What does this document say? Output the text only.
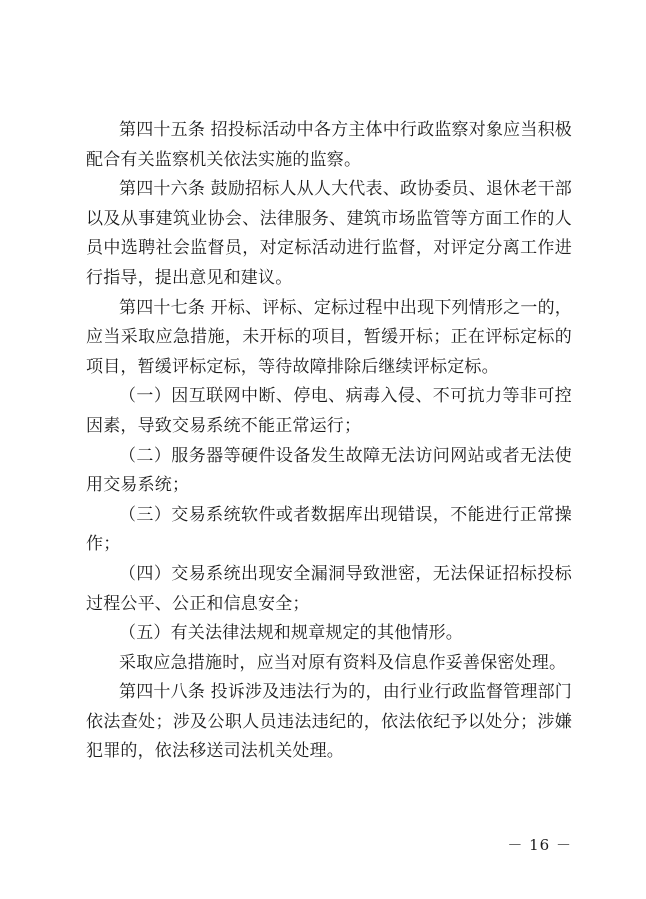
第四十五条 招投标活动中各方主体中行政监察对象应当积极配合有关监察机关依法实施的监察。

第四十六条 鼓励招标人从人大代表、政协委员、退休老干部以及从事建筑业协会、法律服务、建筑市场监管等方面工作的人员中选聘社会监督员，对定标活动进行监督，对评定分离工作进行指导，提出意见和建议。

第四十七条 开标、评标、定标过程中出现下列情形之一的，应当采取应急措施，未开标的项目，暂缓开标；正在评标定标的项目，暂缓评标定标，等待故障排除后继续评标定标。

（一）因互联网中断、停电、病毒入侵、不可抗力等非可控因素，导致交易系统不能正常运行；

（二）服务器等硬件设备发生故障无法访问网站或者无法使用交易系统；

（三）交易系统软件或者数据库出现错误，不能进行正常操作；

（四）交易系统出现安全漏洞导致泄密，无法保证招标投标过程公平、公正和信息安全；

（五）有关法律法规和规章规定的其他情形。

采取应急措施时，应当对原有资料及信息作妥善保密处理。

第四十八条 投诉涉及违法行为的，由行业行政监督管理部门依法查处；涉及公职人员违法违纪的，依法依纪予以处分；涉嫌犯罪的，依法移送司法机关处理。

－ 16 －
